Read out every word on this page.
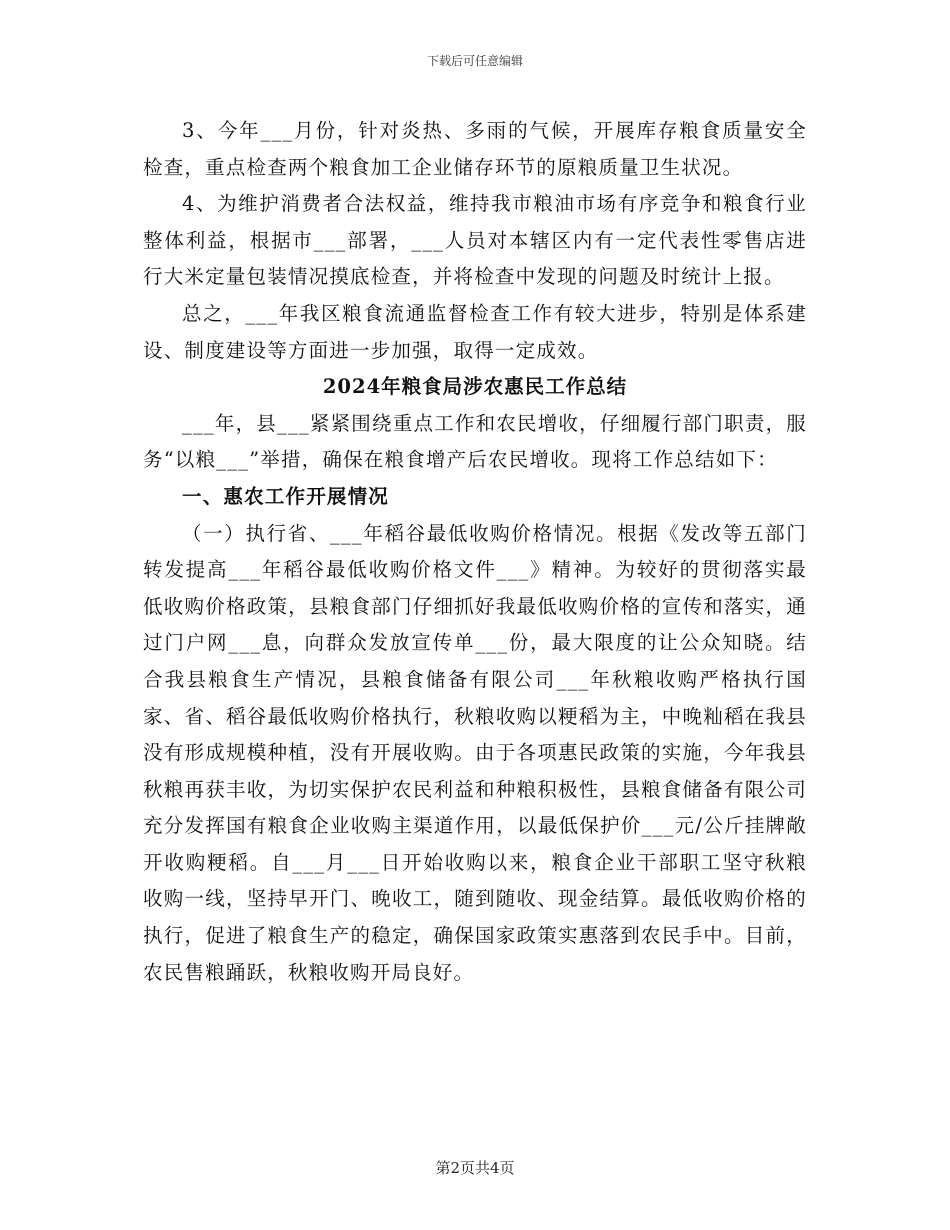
下载后可任意编辑

3、今年___月份，针对炎热、多雨的气候，开展库存粮食质量安全检查，重点检查两个粮食加工企业储存环节的原粮质量卫生状况。

4、为维护消费者合法权益，维持我市粮油市场有序竞争和粮食行业整体利益，根据市___部署，___人员对本辖区内有一定代表性零售店进行大米定量包装情况摸底检查，并将检查中发现的问题及时统计上报。

总之，___年我区粮食流通监督检查工作有较大进步，特别是体系建设、制度建设等方面进一步加强，取得一定成效。

2024年粮食局涉农惠民工作总结

___年，县___紧紧围绕重点工作和农民增收，仔细履行部门职责，服务“以粮___”举措，确保在粮食增产后农民增收。现将工作总结如下：

一、惠农工作开展情况

（一）执行省、___年稻谷最低收购价格情况。根据《发改等五部门转发提高___年稻谷最低收购价格文件___》精神。为较好的贯彻落实最低收购价格政策，县粮食部门仔细抓好我最低收购价格的宣传和落实，通过门户网___息，向群众发放宣传单___份，最大限度的让公众知晓。结合我县粮食生产情况，县粮食储备有限公司___年秋粮收购严格执行国家、省、稻谷最低收购价格执行，秋粮收购以粳稻为主，中晚籼稻在我县没有形成规模种植，没有开展收购。由于各项惠民政策的实施，今年我县秋粮再获丰收，为切实保护农民利益和种粮积极性，县粮食储备有限公司充分发挥国有粮食企业收购主渠道作用，以最低保护价___元/公斤挂牌敞开收购粳稻。自___月___日开始收购以来，粮食企业干部职工坚守秋粮收购一线，坚持早开门、晚收工，随到随收、现金结算。最低收购价格的执行，促进了粮食生产的稳定，确保国家政策实惠落到农民手中。目前，农民售粮踊跃，秋粮收购开局良好。

第2页共4页
